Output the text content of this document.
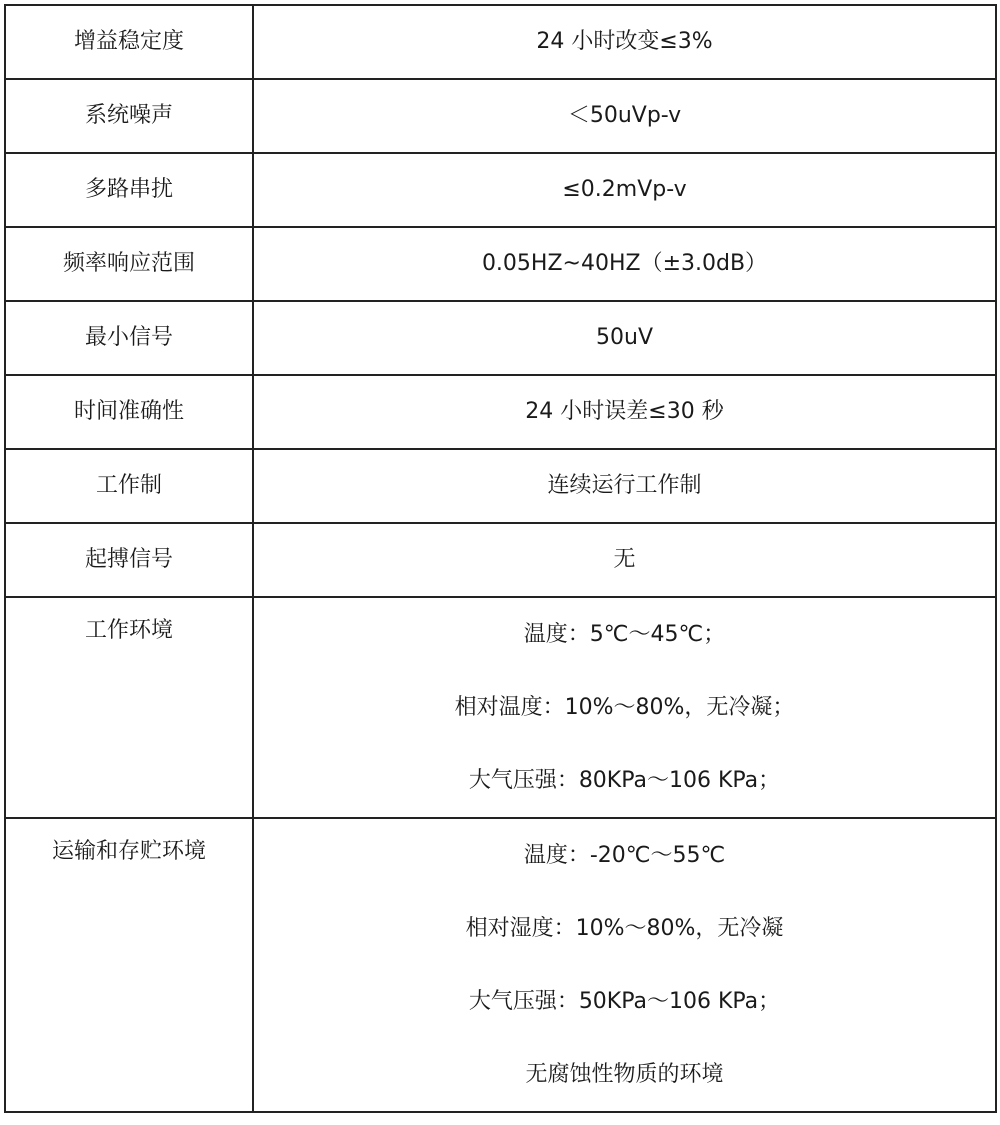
增益稳定度	24 小时改变≤3%
系统噪声	＜50uVp-v
多路串扰	≤0.2mVp-v
频率响应范围	0.05HZ~40HZ（±3.0dB）
最小信号	50uV
时间准确性	24 小时误差≤30 秒
工作制	连续运行工作制
起搏信号	无
工作环境	温度：5℃～45℃；
相对温度：10%～80%，无冷凝；
大气压强：80KPa～106 KPa；

运输和存贮环境	温度：-20℃～55℃
相对湿度：10%～80%，无冷凝
大气压强：50KPa～106 KPa；
无腐蚀性物质的环境
